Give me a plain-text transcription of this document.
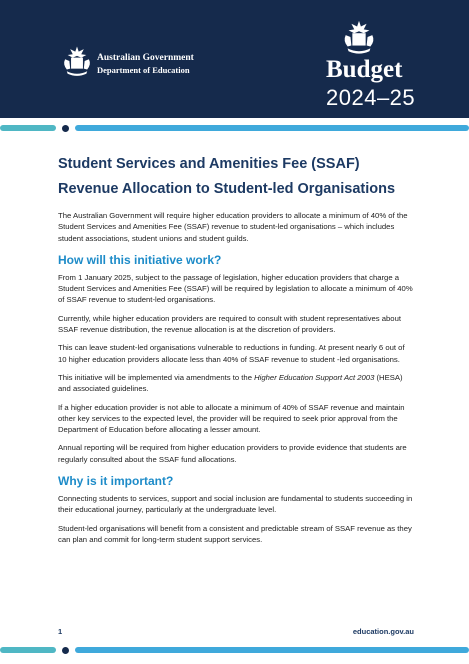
Australian Government
Department of Education	Budget
2024–25
Student Services and Amenities Fee (SSAF) Revenue Allocation to Student-led Organisations

The Australian Government will require higher education providers to allocate a minimum of 40% of the Student Services and Amenities Fee (SSAF) revenue to student-led organisations – which includes student associations, student unions and student guilds.

How will this initiative work?

From 1 January 2025, subject to the passage of legislation, higher education providers that charge a Student Services and Amenities Fee (SSAF) will be required by legislation to allocate a minimum of 40% of SSAF revenue to student-led organisations.

Currently, while higher education providers are required to consult with student representatives about SSAF revenue distribution, the revenue allocation is at the discretion of providers.

This can leave student-led organisations vulnerable to reductions in funding. At present nearly 6 out of 10 higher education providers allocate less than 40% of SSAF revenue to student -led organisations.

This initiative will be implemented via amendments to the Higher Education Support Act 2003 (HESA) and associated guidelines.

If a higher education provider is not able to allocate a minimum of 40% of SSAF revenue and maintain other key services to the expected level, the provider will be required to seek prior approval from the Department of Education before allocating a lesser amount.

Annual reporting will be required from higher education providers to provide evidence that students are regularly consulted about the SSAF fund allocations.

Why is it important?

Connecting students to services, support and social inclusion are fundamental to students succeeding in their educational journey, particularly at the undergraduate level.

Student-led organisations will benefit from a consistent and predictable stream of SSAF revenue as they can plan and commit for long-term student support services.

1	education.gov.au
